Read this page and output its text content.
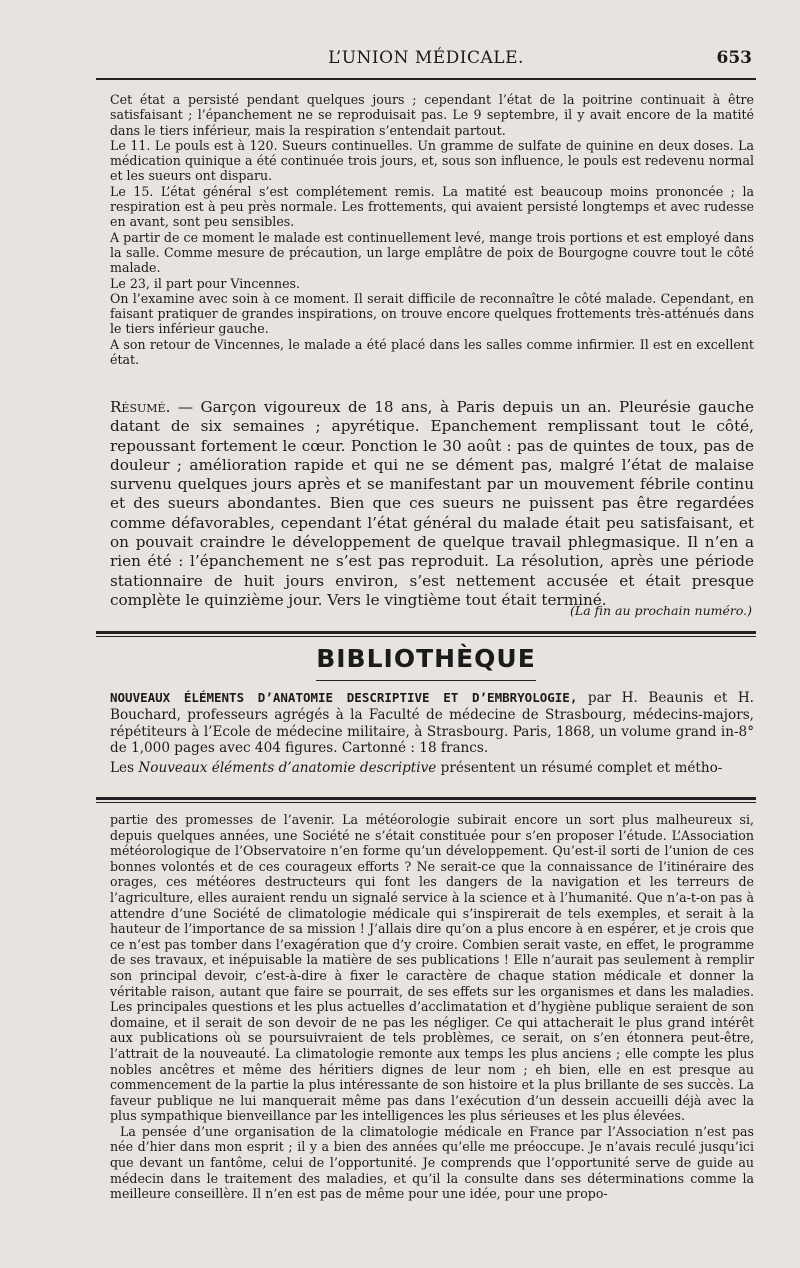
L’UNION MÉDICALE.	653

Cet état a persisté pendant quelques jours ; cependant l’état de la poitrine continuait à être satisfaisant ; l’épanchement ne se reproduisait pas. Le 9 septembre, il y avait encore de la matité dans le tiers inférieur, mais la respiration s’entendait partout.

Le 11. Le pouls est à 120. Sueurs continuelles. Un gramme de sulfate de quinine en deux doses. La médication quinique a été continuée trois jours, et, sous son influence, le pouls est redevenu normal et les sueurs ont disparu.

Le 15. L’état général s’est complétement remis. La matité est beaucoup moins prononcée ; la respiration est à peu près normale. Les frottements, qui avaient persisté longtemps et avec rudesse en avant, sont peu sensibles.

A partir de ce moment le malade est continuellement levé, mange trois portions et est employé dans la salle. Comme mesure de précaution, un large emplâtre de poix de Bourgogne couvre tout le côté malade.

Le 23, il part pour Vincennes.

On l’examine avec soin à ce moment. Il serait difficile de reconnaître le côté malade. Cependant, en faisant pratiquer de grandes inspirations, on trouve encore quelques frottements très-atténués dans le tiers inférieur gauche.

A son retour de Vincennes, le malade a été placé dans les salles comme infirmier. Il est en excellent état.

Résumé. — Garçon vigoureux de 18 ans, à Paris depuis un an. Pleurésie gauche datant de six semaines ; apyrétique. Epanchement remplissant tout le côté, repoussant fortement le cœur. Ponction le 30 août : pas de quintes de toux, pas de douleur ; amélioration rapide et qui ne se dément pas, malgré l’état de malaise survenu quelques jours après et se manifestant par un mouvement fébrile continu et des sueurs abondantes. Bien que ces sueurs ne puissent pas être regardées comme défavorables, cependant l’état général du malade était peu satisfaisant, et on pouvait craindre le développement de quelque travail phlegmasique. Il n’en a rien été : l’épanchement ne s’est pas reproduit. La résolution, après une période stationnaire de huit jours environ, s’est nettement accusée et était presque complète le quinzième jour. Vers le vingtième tout était terminé.

(La fin au prochain numéro.)
BIBLIOTHÈQUE

NOUVEAUX ÉLÉMENTS D’ANATOMIE DESCRIPTIVE ET D’EMBRYOLOGIE, par H. Beaunis et H. Bouchard, professeurs agrégés à la Faculté de médecine de Strasbourg, médecins-majors, répétiteurs à l’Ecole de médecine militaire, à Strasbourg. Paris, 1868, un volume grand in-8° de 1,000 pages avec 404 figures. Cartonné : 18 francs.

Les Nouveaux éléments d’anatomie descriptive présentent un résumé complet et métho-

partie des promesses de l’avenir. La météorologie subirait encore un sort plus malheureux si, depuis quelques années, une Société ne s’était constituée pour s’en proposer l’étude. L’Association météorologique de l’Observatoire n’en forme qu’un développement. Qu’est-il sorti de l’union de ces bonnes volontés et de ces courageux efforts ? Ne serait-ce que la connaissance de l’itinéraire des orages, ces météores destructeurs qui font les dangers de la navigation et les terreurs de l’agriculture, elles auraient rendu un signalé service à la science et à l’humanité. Que n’a-t-on pas à attendre d’une Société de climatologie médicale qui s’inspirerait de tels exemples, et serait à la hauteur de l’importance de sa mission ! J’allais dire qu’on a plus encore à en espérer, et je crois que ce n’est pas tomber dans l’exagération que d’y croire. Combien serait vaste, en effet, le programme de ses travaux, et inépuisable la matière de ses publications ! Elle n’aurait pas seulement à remplir son principal devoir, c’est-à-dire à fixer le caractère de chaque station médicale et donner la véritable raison, autant que faire se pourrait, de ses effets sur les organismes et dans les maladies. Les principales questions et les plus actuelles d’acclimatation et d’hygiène publique seraient de son domaine, et il serait de son devoir de ne pas les négliger. Ce qui attacherait le plus grand intérêt aux publications où se poursuivraient de tels problèmes, ce serait, on s’en étonnera peut-être, l’attrait de la nouveauté. La climatologie remonte aux temps les plus anciens ; elle compte les plus nobles ancêtres et même des héritiers dignes de leur nom ; eh bien, elle en est presque au commencement de la partie la plus intéressante de son histoire et la plus brillante de ses succès. La faveur publique ne lui manquerait même pas dans l’exécution d’un dessein accueilli déjà avec la plus sympathique bienveillance par les intelligences les plus sérieuses et les plus élevées.

La pensée d’une organisation de la climatologie médicale en France par l’Association n’est pas née d’hier dans mon esprit ; il y a bien des années qu’elle me préoccupe. Je n’avais reculé jusqu’ici que devant un fantôme, celui de l’opportunité. Je comprends que l’opportunité serve de guide au médecin dans le traitement des maladies, et qu’il la consulte dans ses déterminations comme la meilleure conseillère. Il n’en est pas de même pour une idée, pour une propo-
